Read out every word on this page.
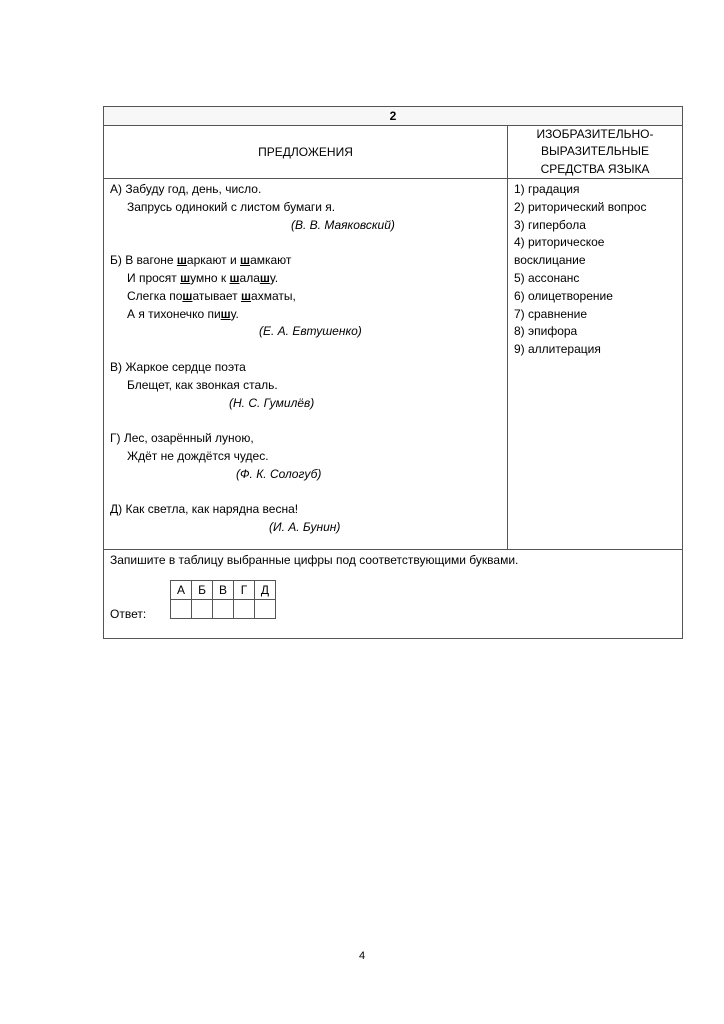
2
ПРЕДЛОЖЕНИЯ
ИЗОБРАЗИТЕЛЬНО-
ВЫРАЗИТЕЛЬНЫЕ
СРЕДСТВА ЯЗЫКА
А) Забуду год, день, число.
Запрусь одинокий с листом бумаги я.
(В. В. Маяковский)
Б) В вагоне шаркают и шамкают
И просят шумно к шалашу.
Слегка пошатывает шахматы,
А я тихонечко пишу.
(Е. А. Евтушенко)
В) Жаркое сердце поэта
Блещет, как звонкая сталь.
(Н. С. Гумилёв)
Г) Лес, озарённый луною,
Ждёт не дождётся чудес.
(Ф. К. Сологуб)
Д) Как светла, как нарядна весна!
(И. А. Бунин)
1) градация
2) риторический вопрос
3) гипербола
4) риторическое
восклицание
5) ассонанс
6) олицетворение
7) сравнение
8) эпифора
9) аллитерация
Запишите в таблицу выбранные цифры под соответствующими буквами.
А	Б	В	Г	Д

Ответ:
4
